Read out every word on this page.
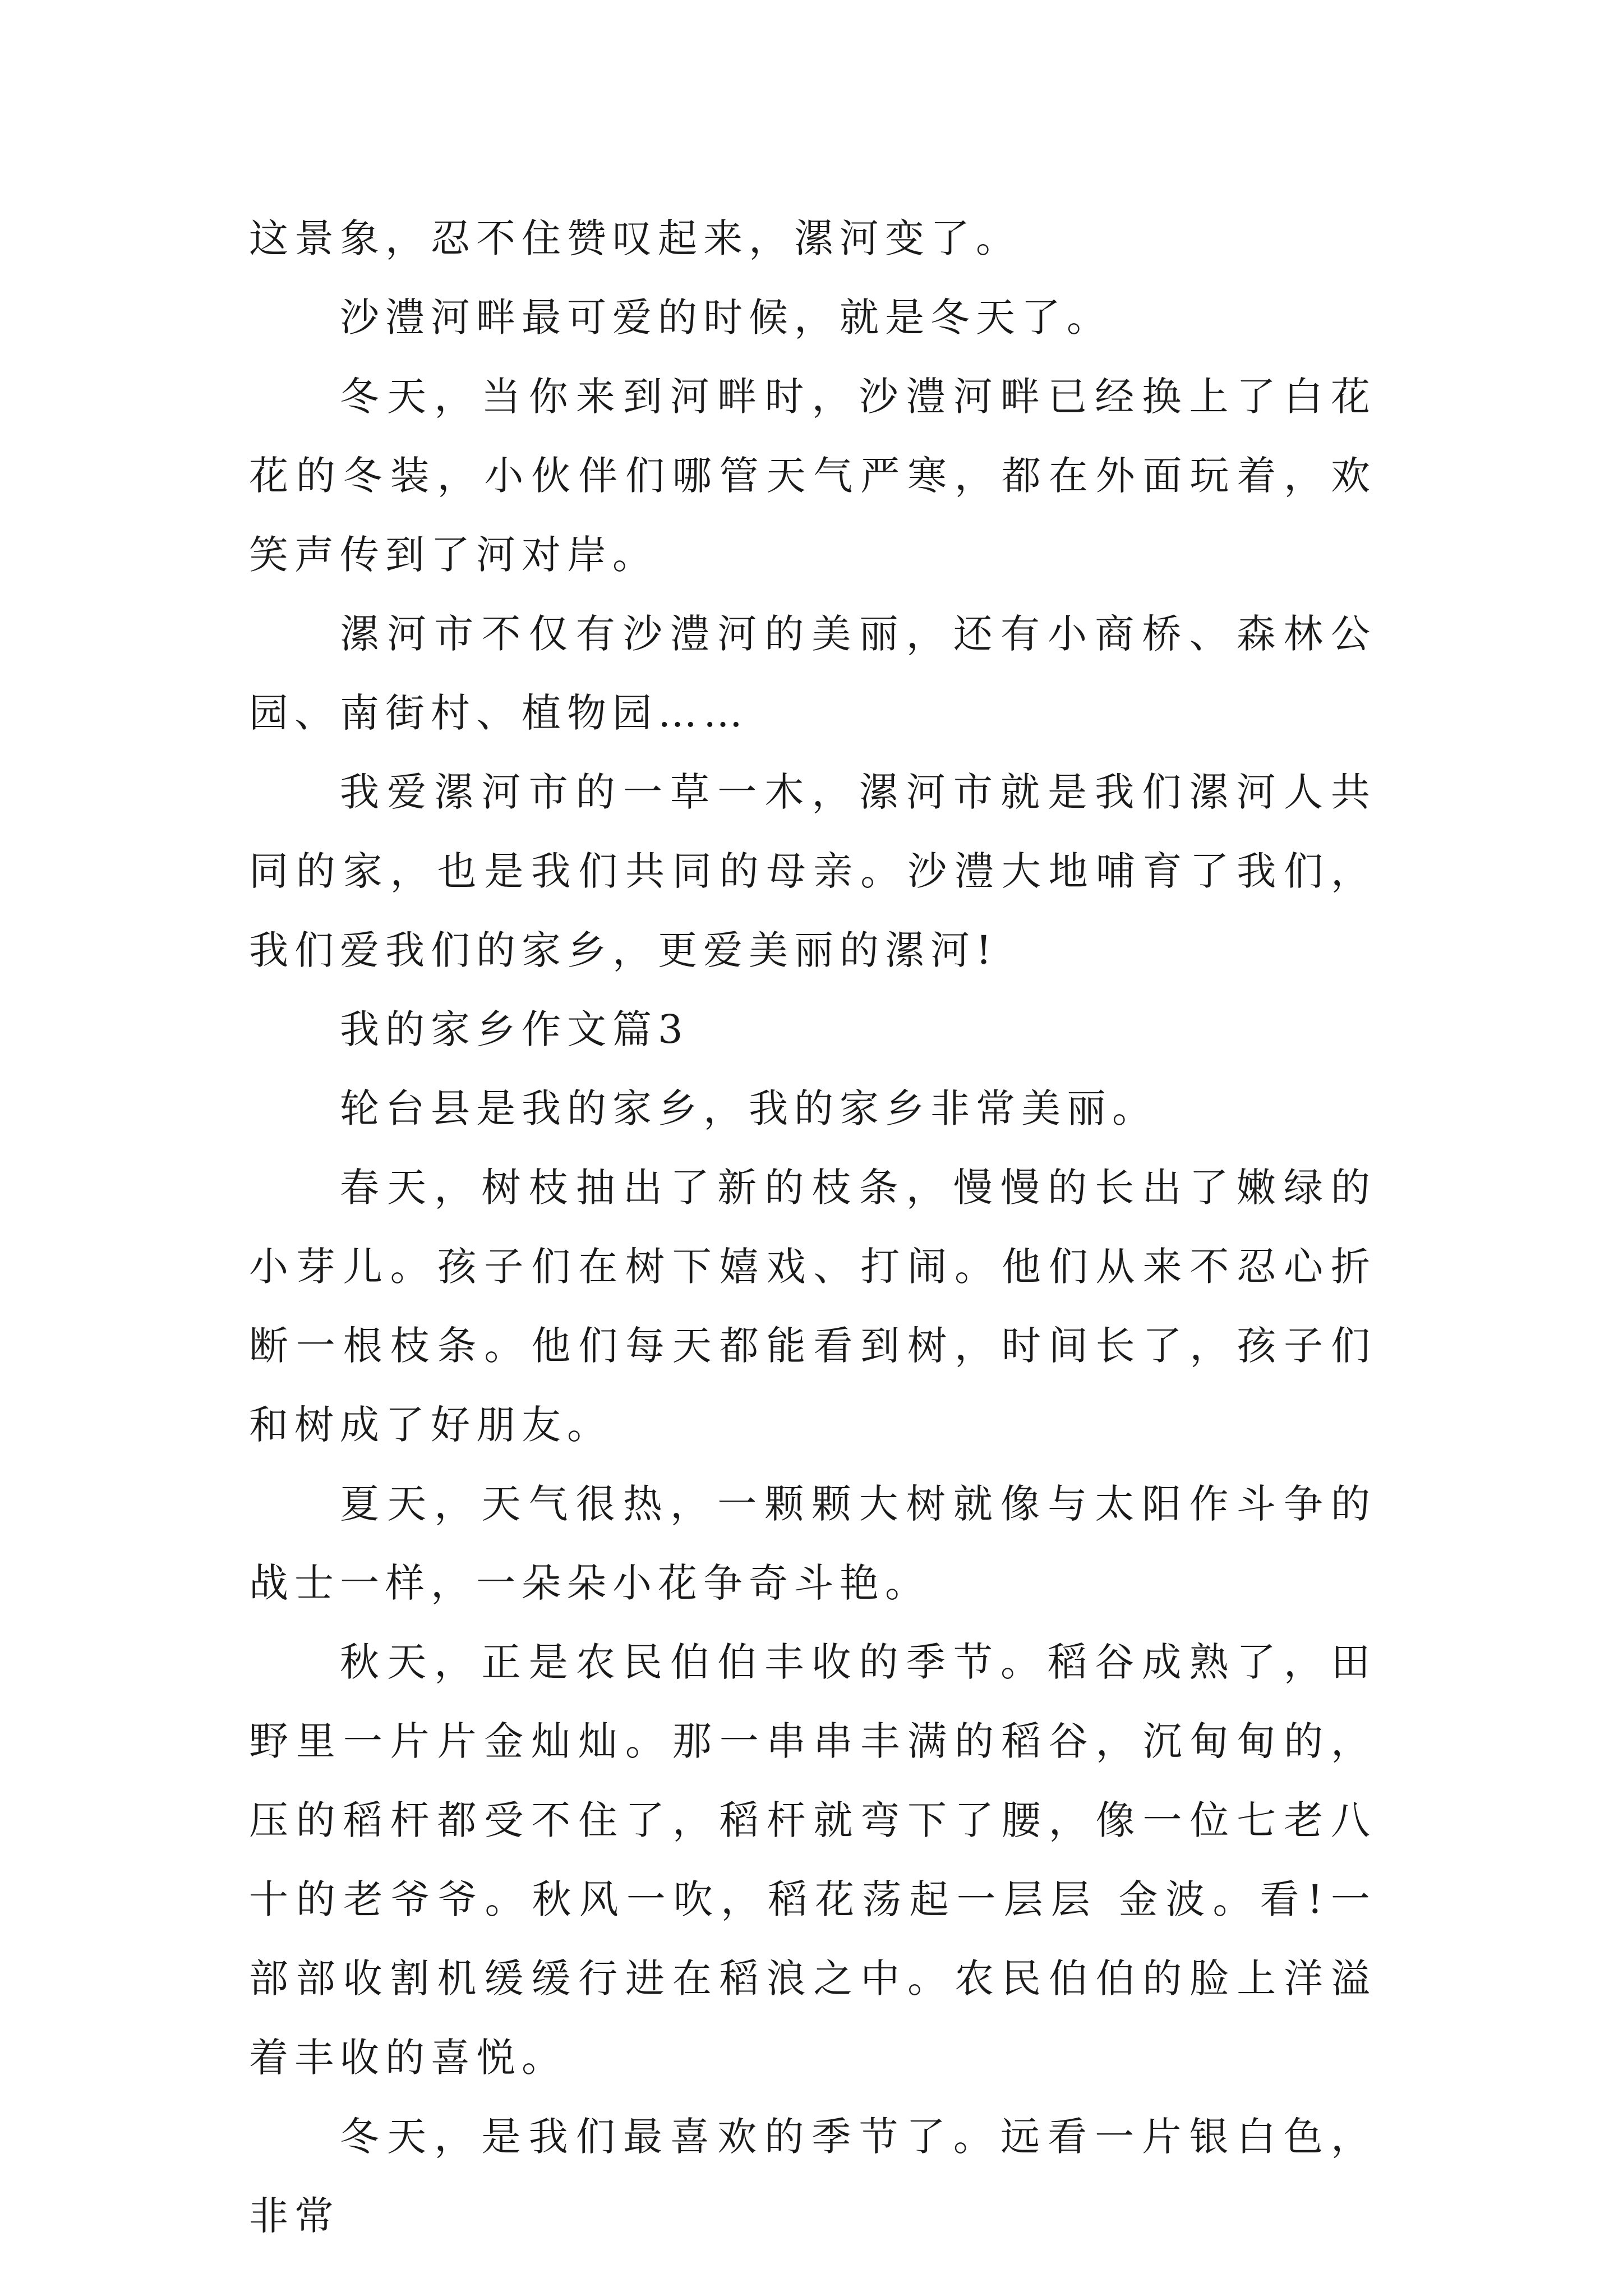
这景象，忍不住赞叹起来，漯河变了。

沙澧河畔最可爱的时候，就是冬天了。

冬天，当你来到河畔时，沙澧河畔已经换上了白花花的冬装，小伙伴们哪管天气严寒，都在外面玩着，欢笑声传到了河对岸。

漯河市不仅有沙澧河的美丽，还有小商桥、森林公园、南街村、植物园……

我爱漯河市的一草一木，漯河市就是我们漯河人共同的家，也是我们共同的母亲。沙澧大地哺育了我们，我们爱我们的家乡，更爱美丽的漯河!

我的家乡作文篇3

轮台县是我的家乡，我的家乡非常美丽。

春天，树枝抽出了新的枝条，慢慢的长出了嫩绿的小芽儿。孩子们在树下嬉戏、打闹。他们从来不忍心折断一根枝条。他们每天都能看到树，时间长了，孩子们和树成了好朋友。

夏天，天气很热，一颗颗大树就像与太阳作斗争的战士一样，一朵朵小花争奇斗艳。

秋天，正是农民伯伯丰收的季节。稻谷成熟了，田野里一片片金灿灿。那一串串丰满的稻谷，沉甸甸的，压的稻杆都受不住了，稻杆就弯下了腰，像一位七老八十的老爷爷。秋风一吹，稻花荡起一层层 金波。看!一部部收割机缓缓行进在稻浪之中。农民伯伯的脸上洋溢着丰收的喜悦。

冬天，是我们最喜欢的季节了。远看一片银白色，非常
